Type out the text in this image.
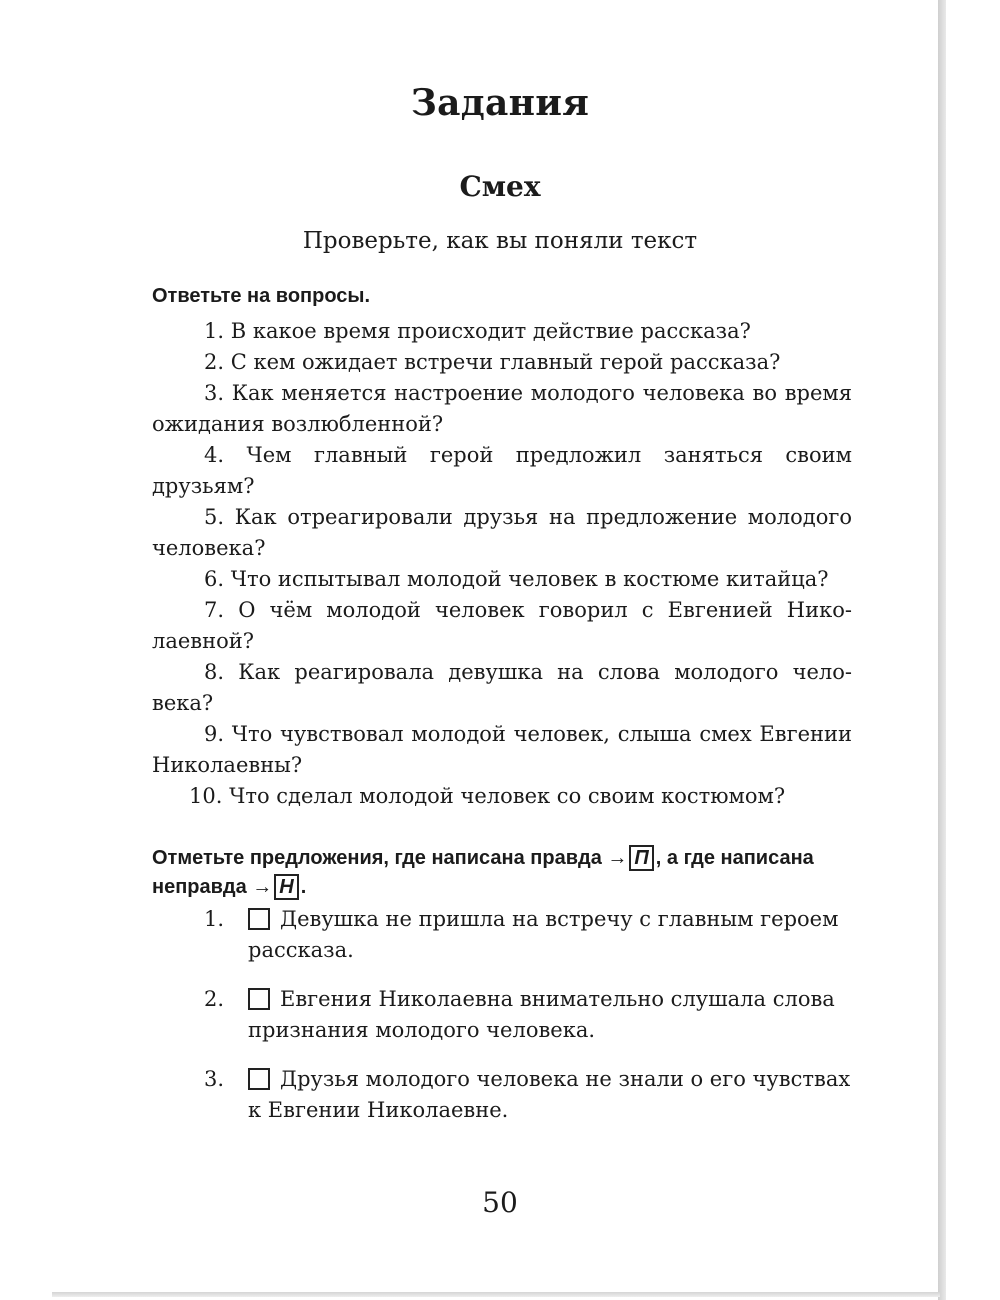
Задания
Смех
Проверьте, как вы поняли текст
Ответьте на вопросы.
1. В какое время происходит действие рассказа?
2. С кем ожидает встречи главный герой рассказа?
3. Как меняется настроение молодого человека во время ожидания возлюбленной?
4. Чем главный герой предложил заняться своим друзьям?
5. Как отреагировали друзья на предложение молодого человека?
6. Что испытывал молодой человек в костюме китайца?
7. О чём молодой человек говорил с Евгенией Николаевной?
8. Как реагировала девушка на слова молодого человека?
9. Что чувствовал молодой человек, слыша смех Евгении Николаевны?
10. Что сделал молодой человек со своим костюмом?
Отметьте предложения, где написана правда → П , а где написана неправда → Н .
1.	Девушка не пришла на встречу с главным героем рассказа.
2.	Евгения Николаевна внимательно слушала слова признания молодого человека.
3.	Друзья молодого человека не знали о его чувствах к Евгении Николаевне.
50
